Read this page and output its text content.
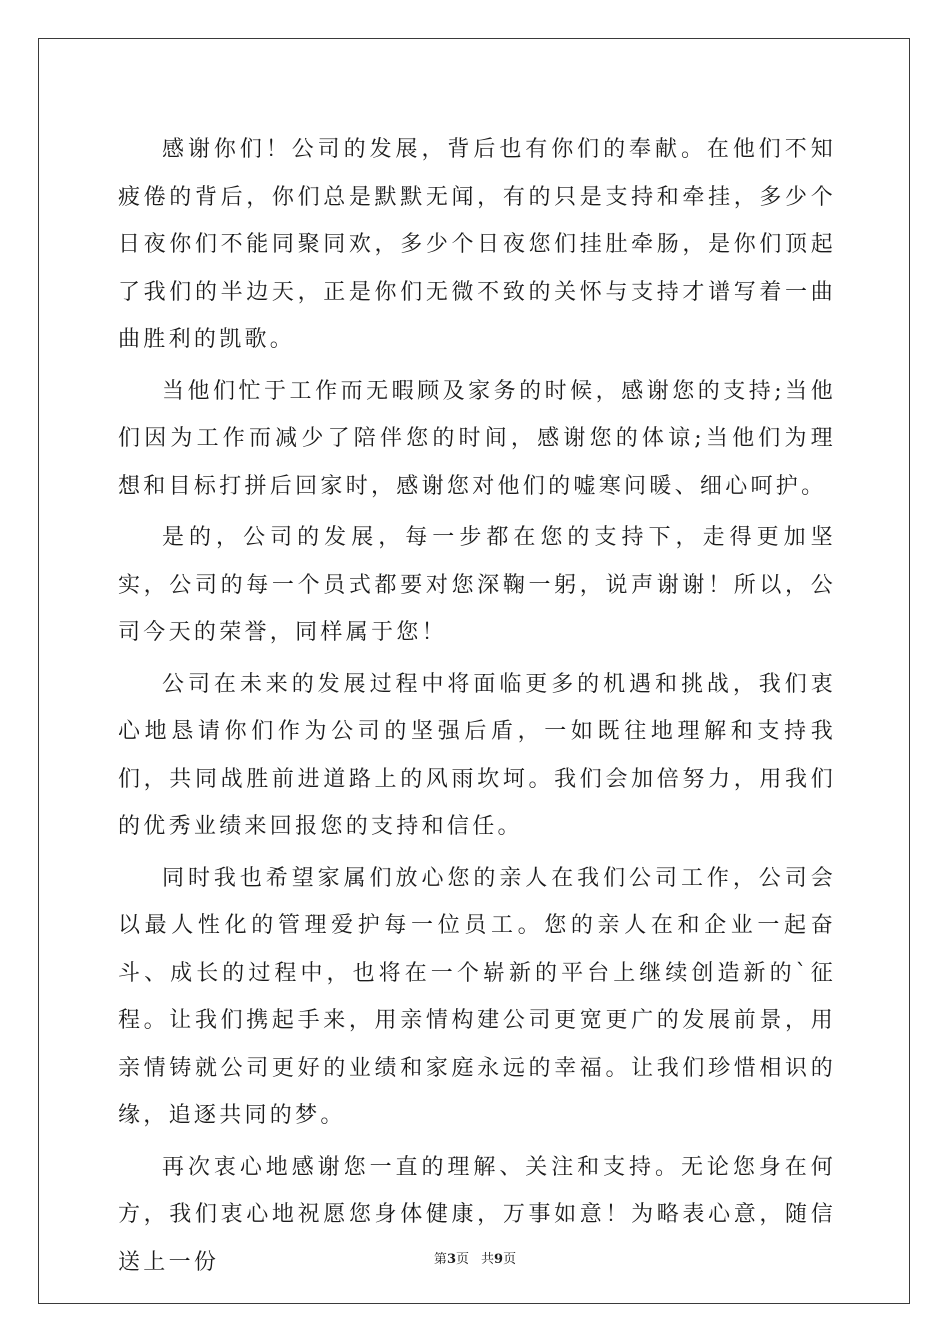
感谢你们！公司的发展，背后也有你们的奉献。在他们不知疲倦的背后，你们总是默默无闻，有的只是支持和牵挂，多少个日夜你们不能同聚同欢，多少个日夜您们挂肚牵肠，是你们顶起了我们的半边天，正是你们无微不致的关怀与支持才谱写着一曲曲胜利的凯歌。

当他们忙于工作而无暇顾及家务的时候，感谢您的支持;当他们因为工作而减少了陪伴您的时间，感谢您的体谅;当他们为理想和目标打拼后回家时，感谢您对他们的嘘寒问暖、细心呵护。

是的，公司的发展，每一步都在您的支持下，走得更加坚实，公司的每一个员式都要对您深鞠一躬，说声谢谢！所以，公司今天的荣誉，同样属于您！

公司在未来的发展过程中将面临更多的机遇和挑战，我们衷心地恳请你们作为公司的坚强后盾，一如既往地理解和支持我们，共同战胜前进道路上的风雨坎坷。我们会加倍努力，用我们的优秀业绩来回报您的支持和信任。

同时我也希望家属们放心您的亲人在我们公司工作，公司会以最人性化的管理爱护每一位员工。您的亲人在和企业一起奋斗、成长的过程中，也将在一个崭新的平台上继续创造新的`征程。让我们携起手来，用亲情构建公司更宽更广的发展前景，用亲情铸就公司更好的业绩和家庭永远的幸福。让我们珍惜相识的缘，追逐共同的梦。

再次衷心地感谢您一直的理解、关注和支持。无论您身在何方，我们衷心地祝愿您身体健康，万事如意！为略表心意，随信送上一份	第3页 共9页
